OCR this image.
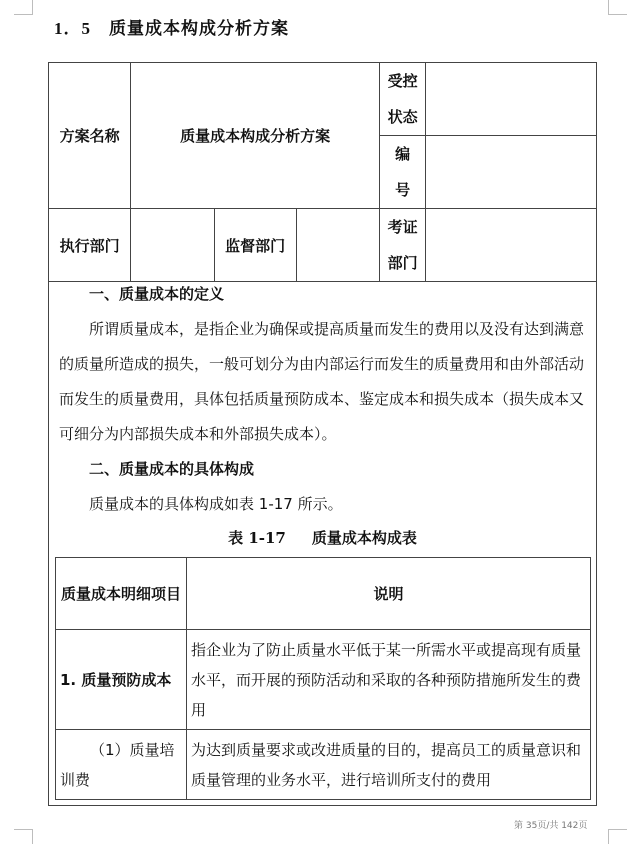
1．5 质量成本构成分析方案
方案名称	质量成本构成分析方案			受控
状态	

				编
号	

执行部门		监督部门		考证
部门	

一、质量成本的定义
所谓质量成本，是指企业为确保或提高质量而发生的费用以及没有达到满意的质量所造成的损失，一般可划分为由内部运行而发生的质量费用和由外部活动而发生的质量费用，具体包括质量预防成本、鉴定成本和损失成本（损失成本又可细分为内部损失成本和外部损失成本）。
二、质量成本的具体构成
质量成本的具体构成如表 1-17 所示。
表 1-17 质量成本构成表
质量成本明细项目	说明
1. 质量预防成本	指企业为了防止质量水平低于某一所需水平或提高现有质量水平，而开展的预防活动和采取的各种预防措施所发生的费用
（1）质量培训费	为达到质量要求或改进质量的目的，提高员工的质量意识和质量管理的业务水平，进行培训所支付的费用
第 35页/共 142页
